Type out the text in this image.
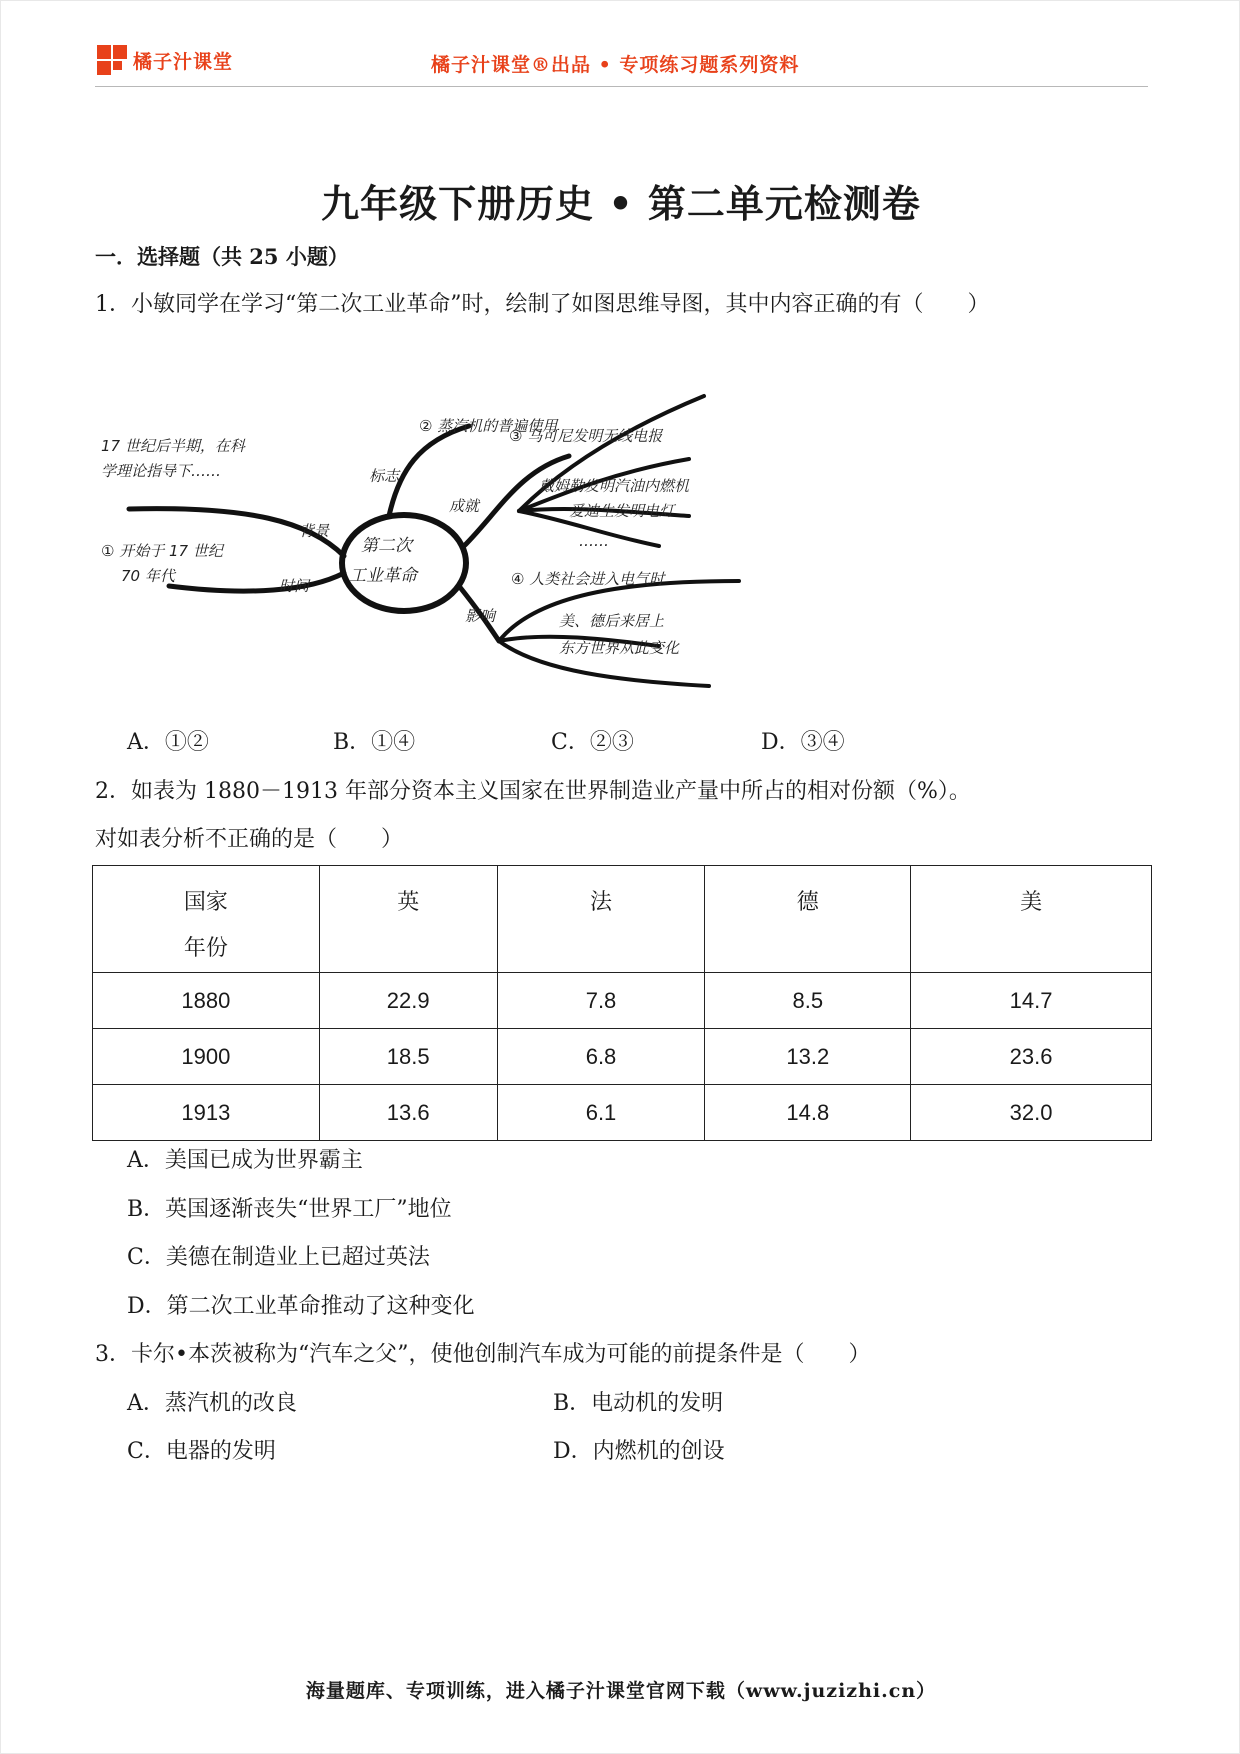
橘子汁课堂	橘子汁课堂®出品 • 专项练习题系列资料
九年级下册历史 • 第二单元检测卷
一．选择题（共 25 小题）
1．小敏同学在学习“第二次工业革命”时，绘制了如图思维导图，其中内容正确的有（　　）
第二次
工业革命
背景
时间
标志
成就
影响
17 世纪后半期，在科
学理论指导下……
① 开始于 17 世纪
70 年代
② 蒸汽机的普遍使用
③ 马可尼发明无线电报
戴姆勒发明汽油内燃机
爱迪生发明电灯
……
④ 人类社会进入电气时
美、德后来居上
东方世界从此变化
A．①②	B．①④	C．②③	D．③④
2．如表为 1880－1913 年部分资本主义国家在世界制造业产量中所占的相对份额（%）。
对如表分析不正确的是（　　）
国家
年份	英	法	德	美

1880	22.9	7.8	8.5	14.7
1900	18.5	6.8	13.2	23.6
1913	13.6	6.1	14.8	32.0
A．美国已成为世界霸主
B．英国逐渐丧失“世界工厂”地位
C．美德在制造业上已超过英法
D．第二次工业革命推动了这种变化
3．卡尔•本茨被称为“汽车之父”，使他创制汽车成为可能的前提条件是（　　）
A．蒸汽机的改良	B．电动机的发明
C．电器的发明	D．内燃机的创设
海量题库、专项训练，进入橘子汁课堂官网下载（www.juzizhi.cn）
